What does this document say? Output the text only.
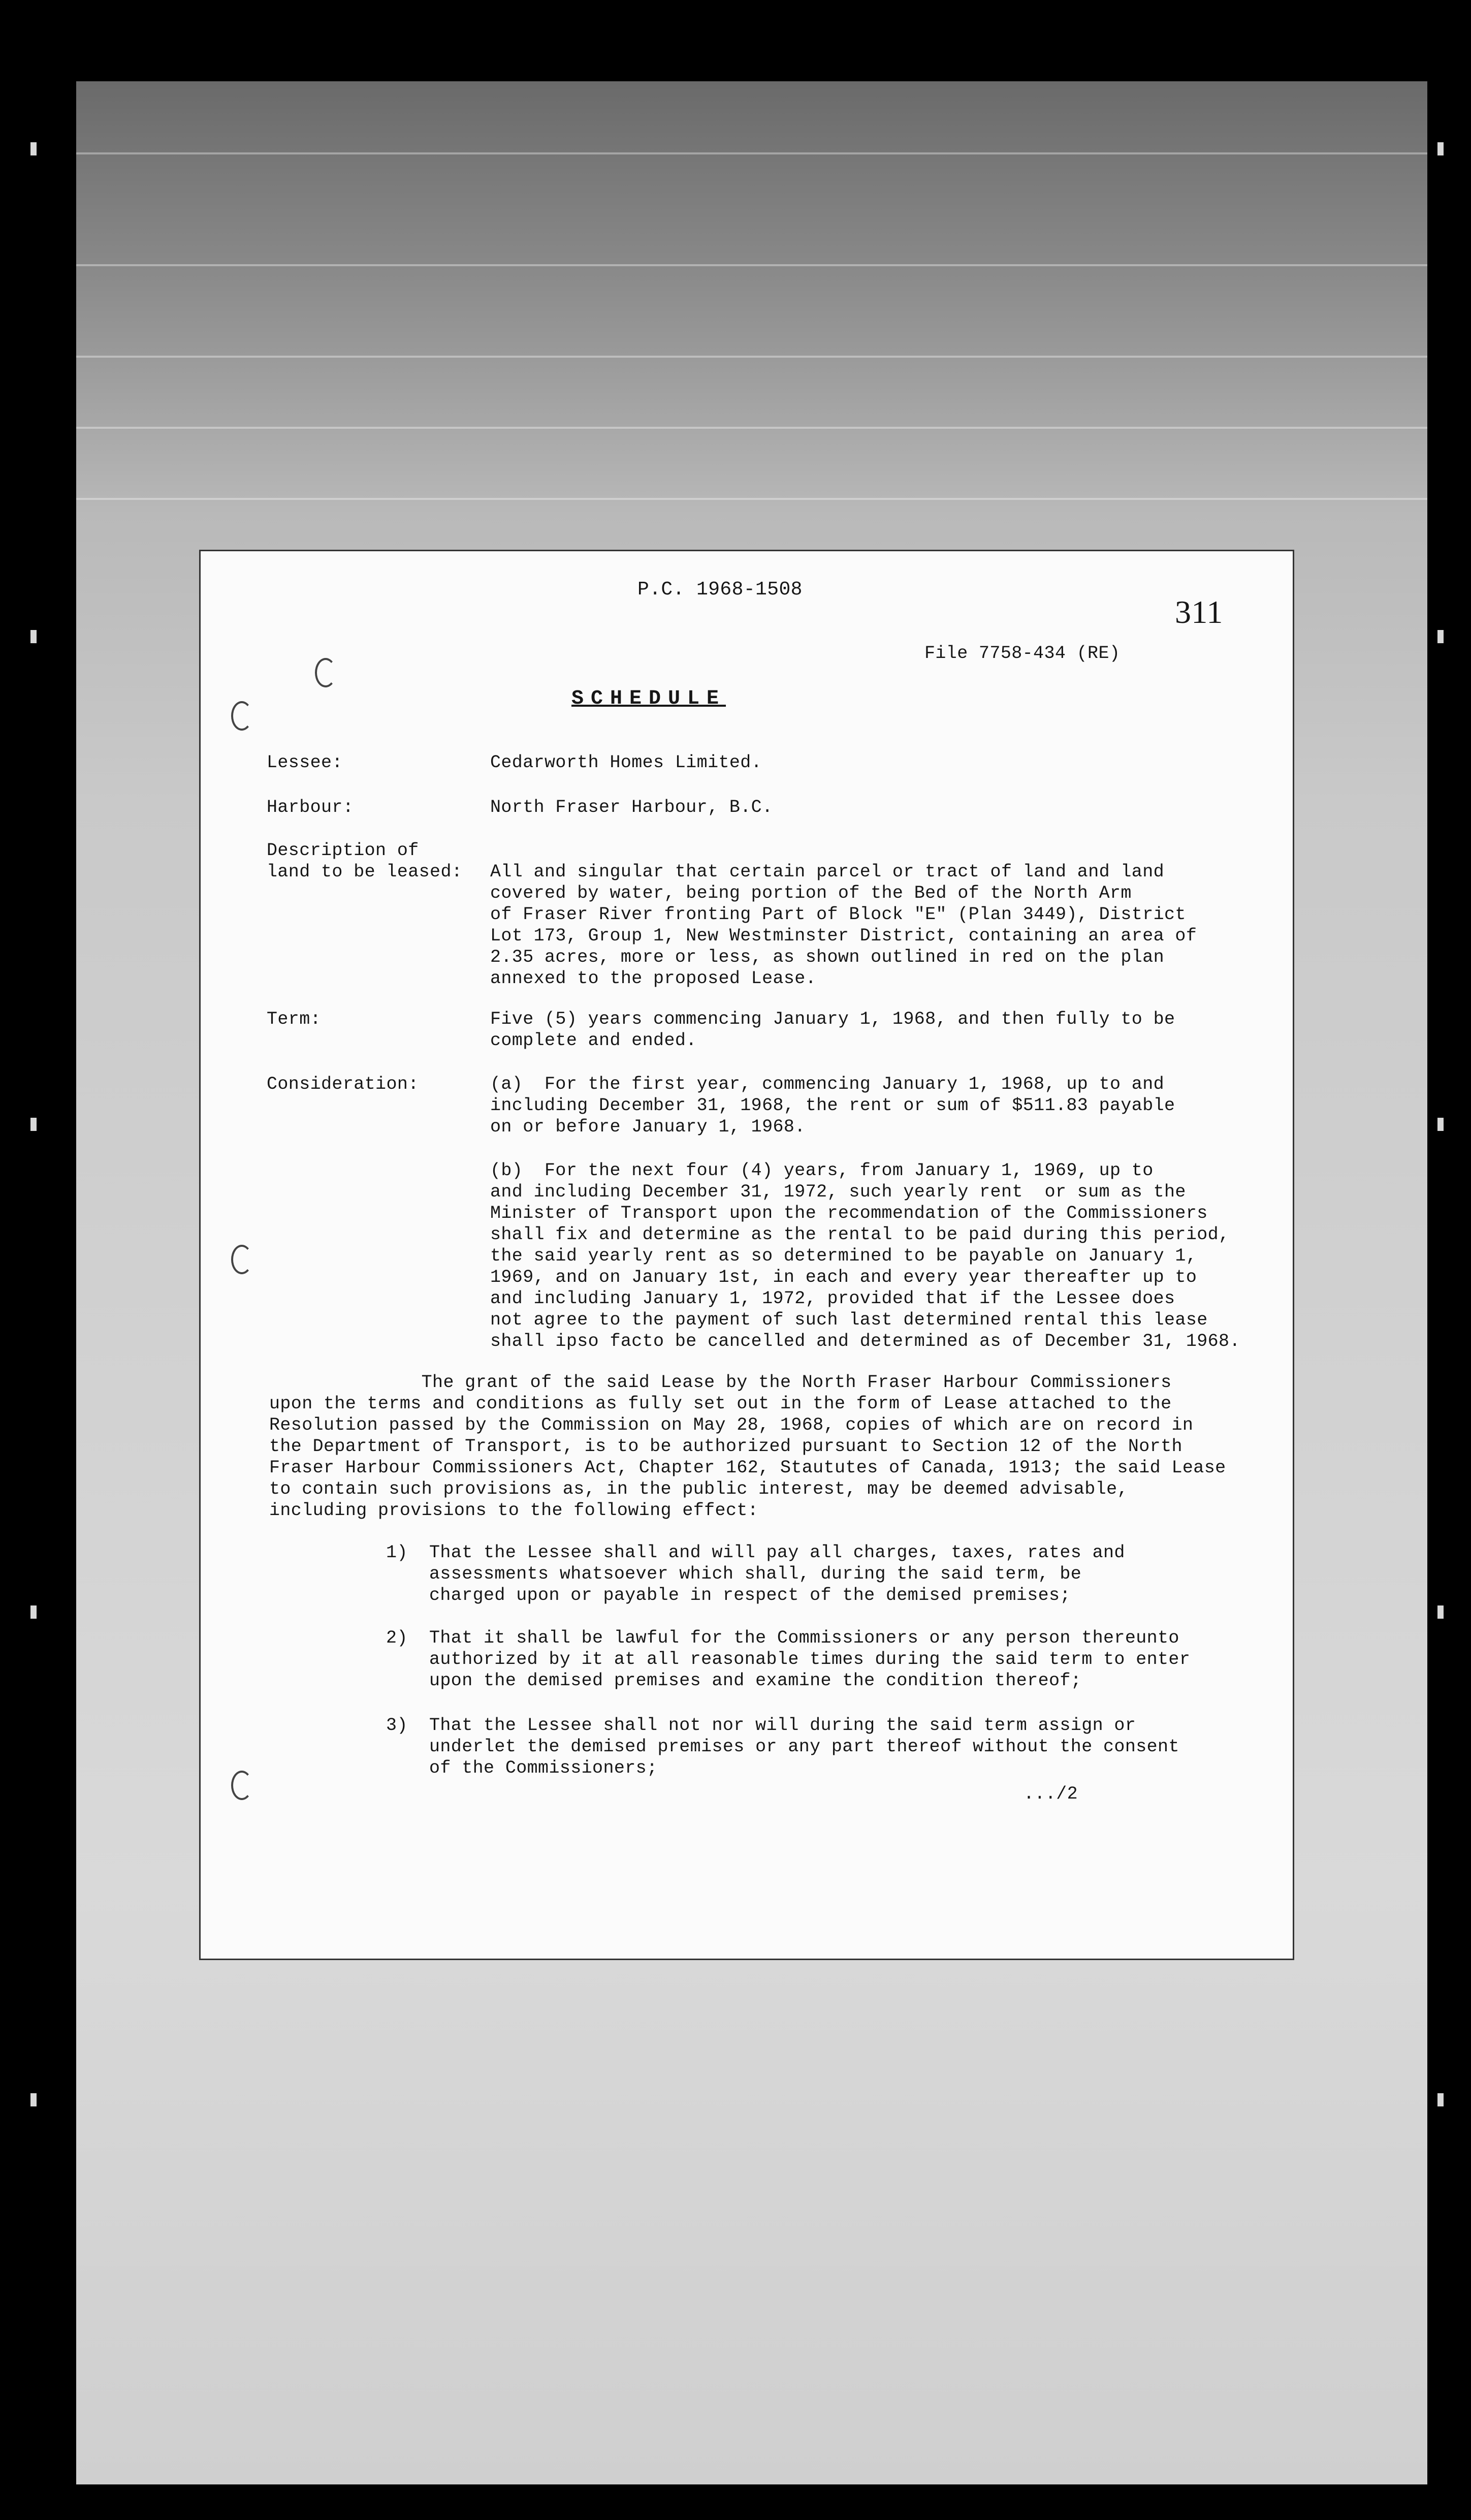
P.C. 1968-1508
311
File 7758-434 (RE)
SCHEDULE
Lessee:	Cedarworth Homes Limited.
Harbour:	North Fraser Harbour, B.C.
Description of
land to be leased: All and singular that certain parcel or tract of land and land
covered by water, being portion of the Bed of the North Arm
of Fraser River fronting Part of Block "E" (Plan 3449), District
Lot 173, Group 1, New Westminster District, containing an area of
2.35 acres, more or less, as shown outlined in red on the plan
annexed to the proposed Lease.
Term:	Five (5) years commencing January 1, 1968, and then fully to be
complete and ended.
Consideration:	(a)  For the first year, commencing January 1, 1968, up to and
including December 31, 1968, the rent or sum of $511.83 payable
on or before January 1, 1968.
(b)  For the next four (4) years, from January 1, 1969, up to
and including December 31, 1972, such yearly rent  or sum as the
Minister of Transport upon the recommendation of the Commissioners
shall fix and determine as the rental to be paid during this period,
the said yearly rent as so determined to be payable on January 1,
1969, and on January 1st, in each and every year thereafter up to
and including January 1, 1972, provided that if the Lessee does
not agree to the payment of such last determined rental this lease
shall ipso facto be cancelled and determined as of December 31, 1968.
The grant of the said Lease by the North Fraser Harbour Commissioners
upon the terms and conditions as fully set out in the form of Lease attached to the
Resolution passed by the Commission on May 28, 1968, copies of which are on record in
the Department of Transport, is to be authorized pursuant to Section 12 of the North
Fraser Harbour Commissioners Act, Chapter 162, Staututes of Canada, 1913; the said Lease
to contain such provisions as, in the public interest, may be deemed advisable,
including provisions to the following effect:
1) That the Lessee shall and will pay all charges, taxes, rates and
assessments whatsoever which shall, during the said term, be
charged upon or payable in respect of the demised premises;
2) That it shall be lawful for the Commissioners or any person thereunto
authorized by it at all reasonable times during the said term to enter
upon the demised premises and examine the condition thereof;
3) That the Lessee shall not nor will during the said term assign or
underlet the demised premises or any part thereof without the consent
of the Commissioners;
.../2
